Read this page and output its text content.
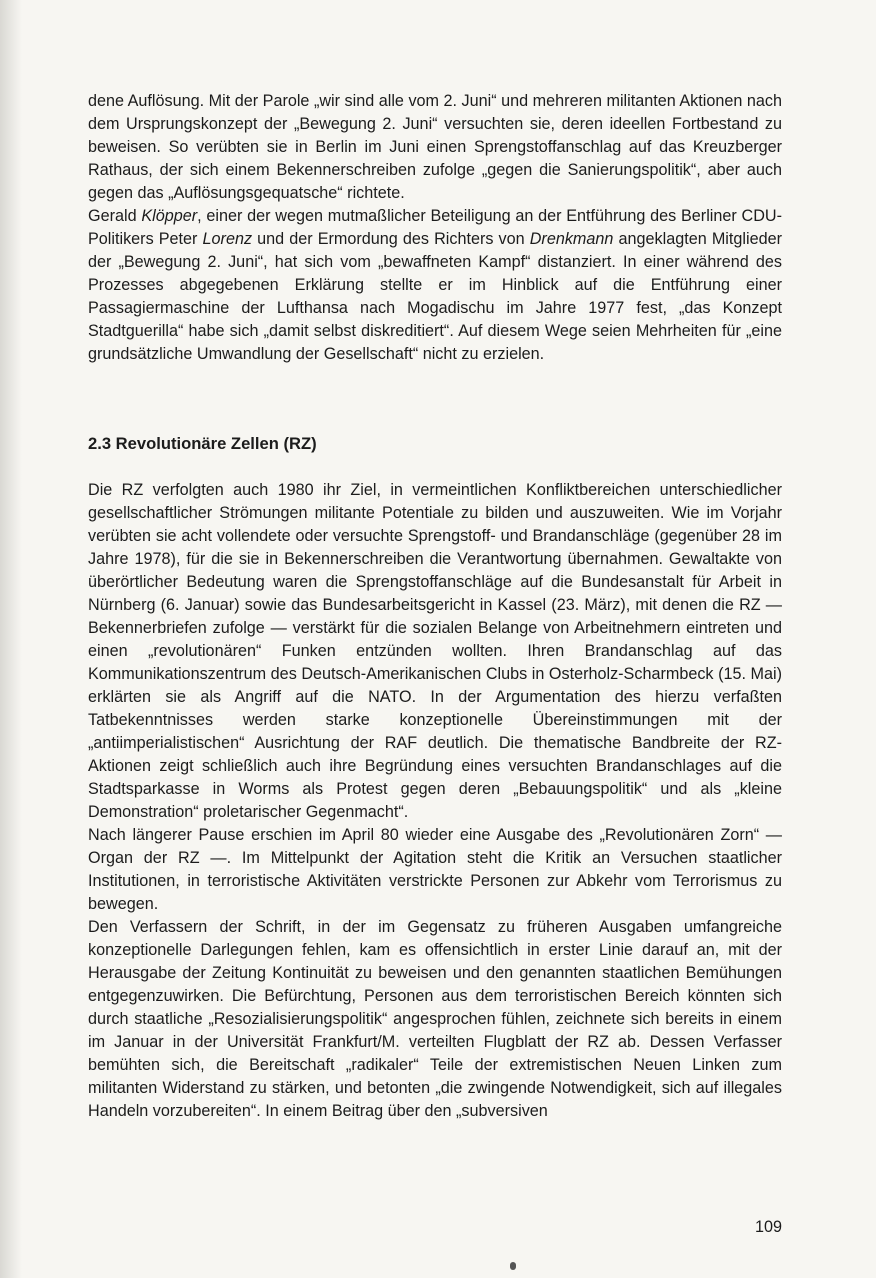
dene Auflösung. Mit der Parole „wir sind alle vom 2. Juni“ und mehreren militanten Aktionen nach dem Ursprungskonzept der „Bewegung 2. Juni“ versuchten sie, deren ideellen Fortbestand zu beweisen. So verübten sie in Berlin im Juni einen Sprengstoffanschlag auf das Kreuzberger Rathaus, der sich einem Bekennerschreiben zufolge „gegen die Sanierungspolitik“, aber auch gegen das „Auflösungsgequatsche“ richtete.

Gerald Klöpper, einer der wegen mutmaßlicher Beteiligung an der Entführung des Berliner CDU-Politikers Peter Lorenz und der Ermordung des Richters von Drenkmann angeklagten Mitglieder der „Bewegung 2. Juni“, hat sich vom „bewaffneten Kampf“ distanziert. In einer während des Prozesses abgegebenen Erklärung stellte er im Hinblick auf die Entführung einer Passagiermaschine der Lufthansa nach Mogadischu im Jahre 1977 fest, „das Konzept Stadtguerilla“ habe sich „damit selbst diskreditiert“. Auf diesem Wege seien Mehrheiten für „eine grundsätzliche Umwandlung der Gesellschaft“ nicht zu erzielen.

2.3 Revolutionäre Zellen (RZ)

Die RZ verfolgten auch 1980 ihr Ziel, in vermeintlichen Konfliktbereichen unterschiedlicher gesellschaftlicher Strömungen militante Potentiale zu bilden und auszuweiten. Wie im Vorjahr verübten sie acht vollendete oder versuchte Sprengstoff- und Brandanschläge (gegenüber 28 im Jahre 1978), für die sie in Bekennerschreiben die Verantwortung übernahmen. Gewaltakte von überörtlicher Bedeutung waren die Sprengstoffanschläge auf die Bundesanstalt für Arbeit in Nürnberg (6. Januar) sowie das Bundesarbeitsgericht in Kassel (23. März), mit denen die RZ — Bekennerbriefen zufolge — verstärkt für die sozialen Belange von Arbeitnehmern eintreten und einen „revolutionären“ Funken entzünden wollten. Ihren Brandanschlag auf das Kommunikationszentrum des Deutsch-Amerikanischen Clubs in Osterholz-Scharmbeck (15. Mai) erklärten sie als Angriff auf die NATO. In der Argumentation des hierzu verfaßten Tatbekenntnisses werden starke konzeptionelle Übereinstimmungen mit der „antiimperialistischen“ Ausrichtung der RAF deutlich. Die thematische Bandbreite der RZ-Aktionen zeigt schließlich auch ihre Begründung eines versuchten Brandanschlages auf die Stadtsparkasse in Worms als Protest gegen deren „Bebauungspolitik“ und als „kleine Demonstration“ proletarischer Gegenmacht“.

Nach längerer Pause erschien im April 80 wieder eine Ausgabe des „Revolutionären Zorn“ — Organ der RZ —. Im Mittelpunkt der Agitation steht die Kritik an Versuchen staatlicher Institutionen, in terroristische Aktivitäten verstrickte Personen zur Abkehr vom Terrorismus zu bewegen.

Den Verfassern der Schrift, in der im Gegensatz zu früheren Ausgaben umfangreiche konzeptionelle Darlegungen fehlen, kam es offensichtlich in erster Linie darauf an, mit der Herausgabe der Zeitung Kontinuität zu beweisen und den genannten staatlichen Bemühungen entgegenzuwirken. Die Befürchtung, Personen aus dem terroristischen Bereich könnten sich durch staatliche „Resozialisierungspolitik“ angesprochen fühlen, zeichnete sich bereits in einem im Januar in der Universität Frankfurt/M. verteilten Flugblatt der RZ ab. Dessen Verfasser bemühten sich, die Bereitschaft „radikaler“ Teile der extremistischen Neuen Linken zum militanten Widerstand zu stärken, und betonten „die zwingende Notwendigkeit, sich auf illegales Handeln vorzubereiten“. In einem Beitrag über den „subversiven

109
